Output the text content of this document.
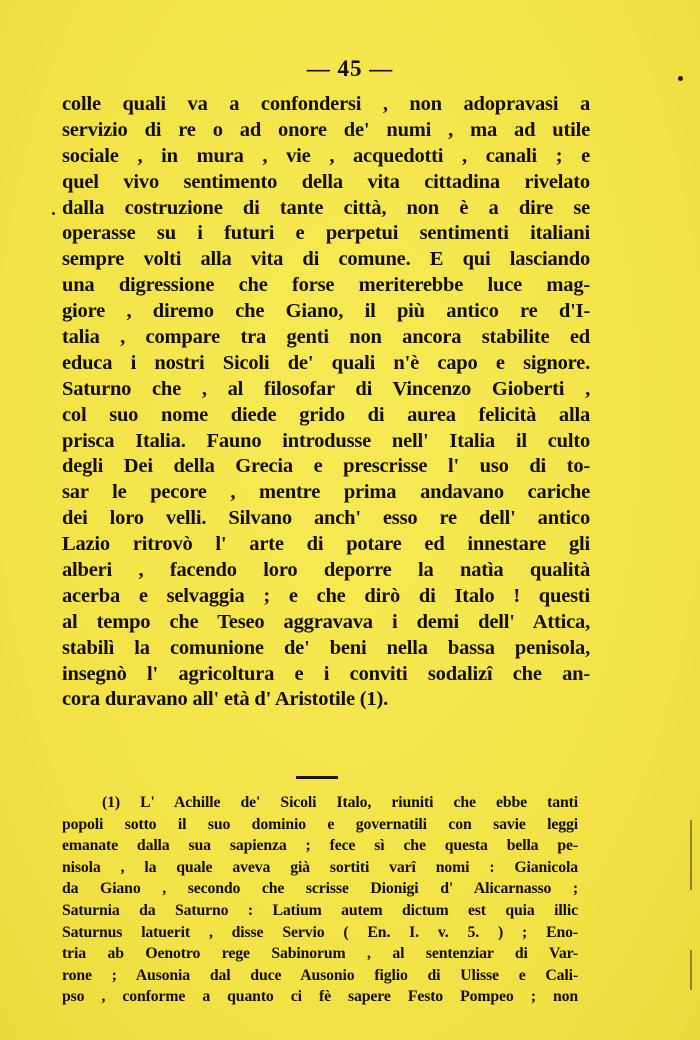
— 45 —
colle quali va a confondersi , non adopravasi a
servizio di re o ad onore de' numi , ma ad utile
sociale , in mura , vie , acquedotti , canali ; e
quel vivo sentimento della vita cittadina rivelato
dalla costruzione di tante città, non è a dire se
operasse su i futuri e perpetui sentimenti italiani
sempre volti alla vita di comune. E qui lasciando
una digressione che forse meriterebbe luce mag-
giore , diremo che Giano, il più antico re d'I-
talia , compare tra genti non ancora stabilite ed
educa i nostri Sicoli de' quali n'è capo e signore.
Saturno che , al filosofar di Vincenzo Gioberti ,
col suo nome diede grido di aurea felicità alla
prisca Italia. Fauno introdusse nell' Italia il culto
degli Dei della Grecia e prescrisse l' uso di to-
sar le pecore , mentre prima andavano cariche
dei loro velli. Silvano anch' esso re dell' antico
Lazio ritrovò l' arte di potare ed innestare gli
alberi , facendo loro deporre la natìa qualità
acerba e selvaggia ; e che dirò di Italo ! questi
al tempo che Teseo aggravava i demi dell' Attica,
stabilì la comunione de' beni nella bassa penisola,
insegnò l' agricoltura e i conviti sodalizî che an-
cora duravano all' età d' Aristotile (1).
(1) L' Achille de' Sicoli Italo, riuniti che ebbe tanti
popoli sotto il suo dominio e governatili con savie leggi
emanate dalla sua sapienza ; fece sì che questa bella pe-
nisola , la quale aveva già sortiti varî nomi : Gianicola
da Giano , secondo che scrisse Dionigi d' Alicarnasso ;
Saturnia da Saturno : Latium autem dictum est quia illic
Saturnus latuerit , disse Servio ( En. I. v. 5. ) ; Eno-
tria ab Oenotro rege Sabinorum , al sentenziar di Var-
rone ; Ausonia dal duce Ausonio figlio di Ulisse e Cali-
pso , conforme a quanto ci fè sapere Festo Pompeo ; non
